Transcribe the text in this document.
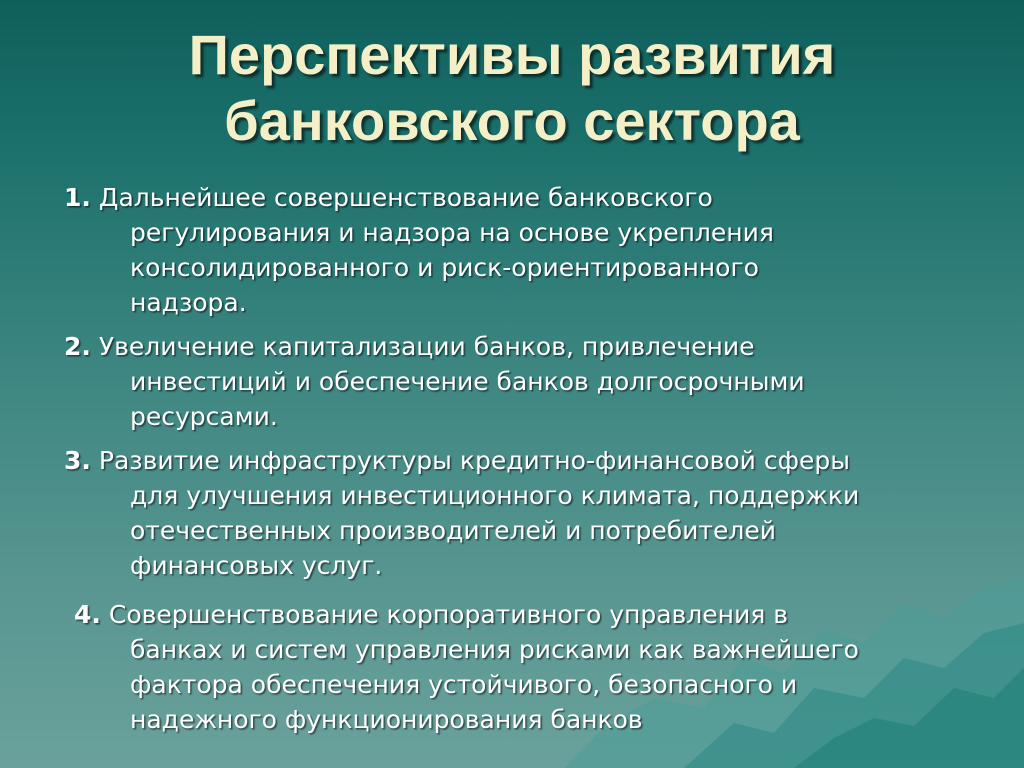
Перспективы развития
банковского сектора
1. Дальнейшее совершенствование банковского
регулирования и надзора на основе укрепления
консолидированного и риск-ориентированного
надзора.
2. Увеличение капитализации банков, привлечение
инвестиций и обеспечение банков долгосрочными
ресурсами.
3. Развитие инфраструктуры кредитно-финансовой сферы
для улучшения инвестиционного климата, поддержки
отечественных производителей и потребителей
финансовых услуг.
4. Совершенствование корпоративного управления в
банках и систем управления рисками как важнейшего
фактора обеспечения устойчивого, безопасного и
надежного функционирования банков
